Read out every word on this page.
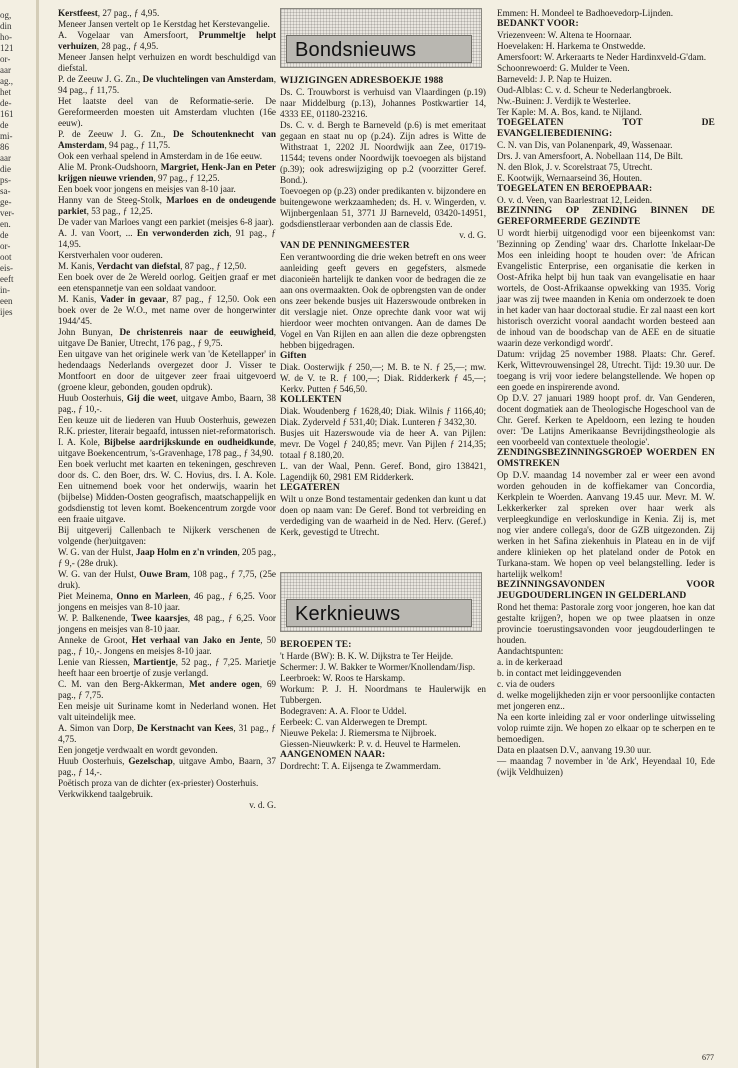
og,
din
ho-
121
or-
aar
ag.,
het
de-
161
de
mi-
86
aar
die
ps-
sa-
ge-
ver-
en.
de
or-
oot
eis-
eeft
in-
een
ijes

Kerstfeest, 27 pag., ƒ 4,95.

Meneer Jansen vertelt op 1e Kerstdag het Kerstevangelie.

A. Vogelaar van Amersfoort, Prummeltje helpt verhuizen, 28 pag., ƒ 4,95.

Meneer Jansen helpt verhuizen en wordt beschuldigd van diefstal.

P. de Zeeuw J. G. Zn., De vluchtelingen van Amsterdam, 94 pag., ƒ 11,75.

Het laatste deel van de Reformatie-serie. De Gereformeerden moesten uit Amsterdam vluchten (16e eeuw).

P. de Zeeuw J. G. Zn., De Schoutenknecht van Amsterdam, 94 pag., ƒ 11,75.

Ook een verhaal spelend in Amsterdam in de 16e eeuw.

Alie M. Pronk-Oudshoorn, Margriet, Henk-Jan en Peter krijgen nieuwe vrienden, 97 pag., ƒ 12,25.

Een boek voor jongens en meisjes van 8-10 jaar.

Hanny van de Steeg-Stolk, Marloes en de ondeugende parkiet, 53 pag., ƒ 12,25.

De vader van Marloes vangt een parkiet (meisjes 6-8 jaar).

A. J. van Voort, ... En verwonderden zich, 91 pag., ƒ 14,95.

Kerstverhalen voor ouderen.

M. Kanis, Verdacht van diefstal, 87 pag., ƒ 12,50.

Een boek over de 2e Wereld oorlog. Geitjen graaf er met een etenspannetje van een soldaat vandoor.

M. Kanis, Vader in gevaar, 87 pag., ƒ 12,50. Ook een boek over de 2e W.O., met name over de hongerwinter 1944/'45.

John Bunyan, De christenreis naar de eeuwigheid, uitgave De Banier, Utrecht, 176 pag., ƒ 9,75.

Een uitgave van het originele werk van 'de Ketellapper' in hedendaags Nederlands overgezet door J. Visser te Montfoort en door de uitgever zeer fraai uitgevoerd (groene kleur, gebonden, gouden opdruk).

Huub Oosterhuis, Gij die weet, uitgave Ambo, Baarn, 38 pag., ƒ 10,-.

Een keuze uit de liederen van Huub Oosterhuis, gewezen R.K. priester, literair begaafd, intussen niet-reformatorisch.

I. A. Kole, Bijbelse aardrijkskunde en oudheidkunde, uitgave Boekencentrum, 's-Gravenhage, 178 pag., ƒ 34,90.

Een boek verlucht met kaarten en tekeningen, geschreven door ds. C. den Boer, drs. W. C. Hovius, drs. I. A. Kole. Een uitnemend boek voor het onderwijs, waarin het (bijbelse) Midden-Oosten geografisch, maatschappelijk en godsdienstig tot leven komt. Boekencentrum zorgde voor een fraaie uitgave.

Bij uitgeverij Callenbach te Nijkerk verschenen de volgende (her)uitgaven:

W. G. van der Hulst, Jaap Holm en z'n vrinden, 205 pag., ƒ 9,- (28e druk).

W. G. van der Hulst, Ouwe Bram, 108 pag., ƒ 7,75, (25e druk).

Piet Meinema, Onno en Marleen, 46 pag., ƒ 6,25. Voor jongens en meisjes van 8-10 jaar.

W. P. Balkenende, Twee kaarsjes, 48 pag., ƒ 6,25. Voor jongens en meisjes van 8-10 jaar.

Anneke de Groot, Het verhaal van Jako en Jente, 50 pag., ƒ 10,-. Jongens en meisjes 8-10 jaar.

Lenie van Riessen, Martientje, 52 pag., ƒ 7,25. Marietje heeft haar een broertje of zusje verlangd.

C. M. van den Berg-Akkerman, Met andere ogen, 69 pag., ƒ 7,75.

Een meisje uit Suriname komt in Nederland wonen. Het valt uiteindelijk mee.

A. Simon van Dorp, De Kerstnacht van Kees, 31 pag., ƒ 4,75.

Een jongetje verdwaalt en wordt gevonden.

Huub Oosterhuis, Gezelschap, uitgave Ambo, Baarn, 37 pag., ƒ 14,-.

Poëtisch proza van de dichter (ex-priester) Oosterhuis.

Verkwikkend taalgebruik.

v. d. G.

Bondsnieuws

WIJZIGINGEN ADRESBOEKJE 1988

Ds. C. Trouwborst is verhuisd van Vlaardingen (p.19) naar Middelburg (p.13), Johannes Postkwartier 14, 4333 EE, 01180-23216.

Ds. C. v. d. Bergh te Barneveld (p.6) is met emeritaat gegaan en staat nu op (p.24). Zijn adres is Witte de Withstraat 1, 2202 JL Noordwijk aan Zee, 01719-11544; tevens onder Noordwijk toevoegen als bijstand (p.39); ook adreswijziging op p.2 (voorzitter Geref. Bond.).

Toevoegen op (p.23) onder predikanten v. bijzondere en buitengewone werkzaamheden; ds. H. v. Wingerden, v. Wijnbergenlaan 51, 3771 JJ Barneveld, 03420-14951, godsdienstleraar verbonden aan de classis Ede.

v. d. G.

VAN DE PENNINGMEESTER

Een verantwoording die drie weken betreft en ons weer aanleiding geeft gevers en gegefsters, alsmede diaconieën hartelijk te danken voor de bedragen die ze aan ons overmaakten. Ook de opbrengsten van de onder ons zeer bekende busjes uit Hazerswoude ontbreken in dit verslagje niet. Onze oprechte dank voor wat wij hierdoor weer mochten ontvangen. Aan de dames De Vogel en Van Rijlen en aan allen die deze opbrengsten hebben bijgedragen.

Giften

Diak. Oosterwijk ƒ 250,—; M. B. te N. ƒ 25,—; mw. W. de V. te R. ƒ 100,—; Diak. Ridderkerk ƒ 45,—; Kerkv. Putten ƒ 546,50.

KOLLEKTEN

Diak. Woudenberg ƒ 1628,40; Diak. Wilnis ƒ 1166,40; Diak. Zyderveld ƒ 531,40; Diak. Lunteren ƒ 3432,30.

Busjes uit Hazerswoude via de heer A. van Pijlen: mevr. De Vogel ƒ 240,85; mevr. Van Pijlen ƒ 214,35; totaal ƒ 8.180,20.

L. van der Waal, Penn. Geref. Bond, giro 138421, Lagendijk 60, 2981 EM Ridderkerk.

LEGATEREN

Wilt u onze Bond testamentair gedenken dan kunt u dat doen op naam van: De Geref. Bond tot verbreiding en verdediging van de waarheid in de Ned. Herv. (Geref.) Kerk, gevestigd te Utrecht.

Kerknieuws

BEROEPEN TE:

't Harde (BW): B. K. W. Dijkstra te Ter Heijde.

Schermer: J. W. Bakker te Wormer/Knollendam/Jisp.

Leerbroek: W. Roos te Harskamp.

Workum: P. J. H. Noordmans te Haulerwijk en Tubbergen.

Bodegraven: A. A. Floor te Uddel.

Eerbeek: C. van Alderwegen te Drempt.

Nieuwe Pekela: J. Riemersma te Nijbroek.

Giessen-Nieuwkerk: P. v. d. Heuvel te Harmelen.

AANGENOMEN NAAR:

Dordrecht: T. A. Eijsenga te Zwammerdam.

Emmen: H. Mondeel te Badhoevedorp-Lijnden.

BEDANKT VOOR:

Vriezenveen: W. Altena te Hoornaar.

Hoevelaken: H. Harkema te Onstwedde.

Amersfoort: W. Arkeraarts te Neder Hardinxveld-G'dam.

Schoonrewoerd: G. Mulder te Veen.

Barneveld: J. P. Nap te Huizen.

Oud-Alblas: C. v. d. Scheur te Nederlangbroek.

Nw.-Buinen: J. Verdijk te Westerlee.

Ter Kaple: M. A. Bos, kand. te Nijland.

TOEGELATEN TOT DE EVANGELIEBEDIENING:

C. N. van Dis, van Polanenpark, 49, Wassenaar.

Drs. J. van Amersfoort, A. Nobellaan 114, De Bilt.

N. den Blok, J. v. Scorelstraat 75, Utrecht.

E. Kootwijk, Wernaarseind 36, Houten.

TOEGELATEN EN BEROEPBAAR:

O. v. d. Veen, van Baarlestraat 12, Leiden.

BEZINNING OP ZENDING BINNEN DE GEREFORMEERDE GEZINDTE

U wordt hierbij uitgenodigd voor een bijeenkomst van: 'Bezinning op Zending' waar drs. Charlotte Inkelaar-De Mos een inleiding hoopt te houden over: 'de African Evangelistic Enterprise, een organisatie die kerken in Oost-Afrika helpt bij hun taak van evangelisatie en haar wortels, de Oost-Afrikaanse opwekking van 1935. Vorig jaar was zij twee maanden in Kenia om onderzoek te doen in het kader van haar doctoraal studie. Er zal naast een kort historisch overzicht vooral aandacht worden besteed aan de inhoud van de boodschap van de AEE en de situatie waarin deze verkondigd wordt'.

Datum: vrijdag 25 november 1988. Plaats: Chr. Geref. Kerk, Wittevrouwensingel 28, Utrecht. Tijd: 19.30 uur. De toegang is vrij voor iedere belangstellende. We hopen op een goede en inspirerende avond.

Op D.V. 27 januari 1989 hoopt prof. dr. Van Genderen, docent dogmatiek aan de Theologische Hogeschool van de Chr. Geref. Kerken te Apeldoorn, een lezing te houden over: 'De Latijns Amerikaanse Bevrijdingstheologie als een voorbeeld van contextuele theologie'.

ZENDINGSBEZINNINGSGROEP WOERDEN EN OMSTREKEN

Op D.V. maandag 14 november zal er weer een avond worden gehouden in de koffiekamer van Concordia, Kerkplein te Woerden. Aanvang 19.45 uur. Mevr. M. W. Lekkerkerker zal spreken over haar werk als verpleegkundige en verloskundige in Kenia. Zij is, met nog vier andere collega's, door de GZB uitgezonden. Zij werken in het Safina ziekenhuis in Plateau en in de vijf andere klinieken op het plateland onder de Potok en Turkana-stam. We hopen op veel belangstelling. Ieder is hartelijk welkom!

BEZINNINGSAVONDEN VOOR JEUGDOUDERLINGEN IN GELDERLAND

Rond het thema: Pastorale zorg voor jongeren, hoe kan dat gestalte krijgen?, hopen we op twee plaatsen in onze provincie toerustingsavonden voor jeugdouderlingen te houden.

Aandachtspunten:

a. in de kerkeraad

b. in contact met leidinggevenden

c. via de ouders

d. welke mogelijkheden zijn er voor persoonlijke contacten met jongeren enz..

Na een korte inleiding zal er voor onderlinge uitwisseling volop ruimte zijn. We hopen zo elkaar op te scherpen en te bemoedigen.

Data en plaatsen D.V., aanvang 19.30 uur.

— maandag 7 november in 'de Ark', Heyendaal 10, Ede (wijk Veldhuizen)

677
